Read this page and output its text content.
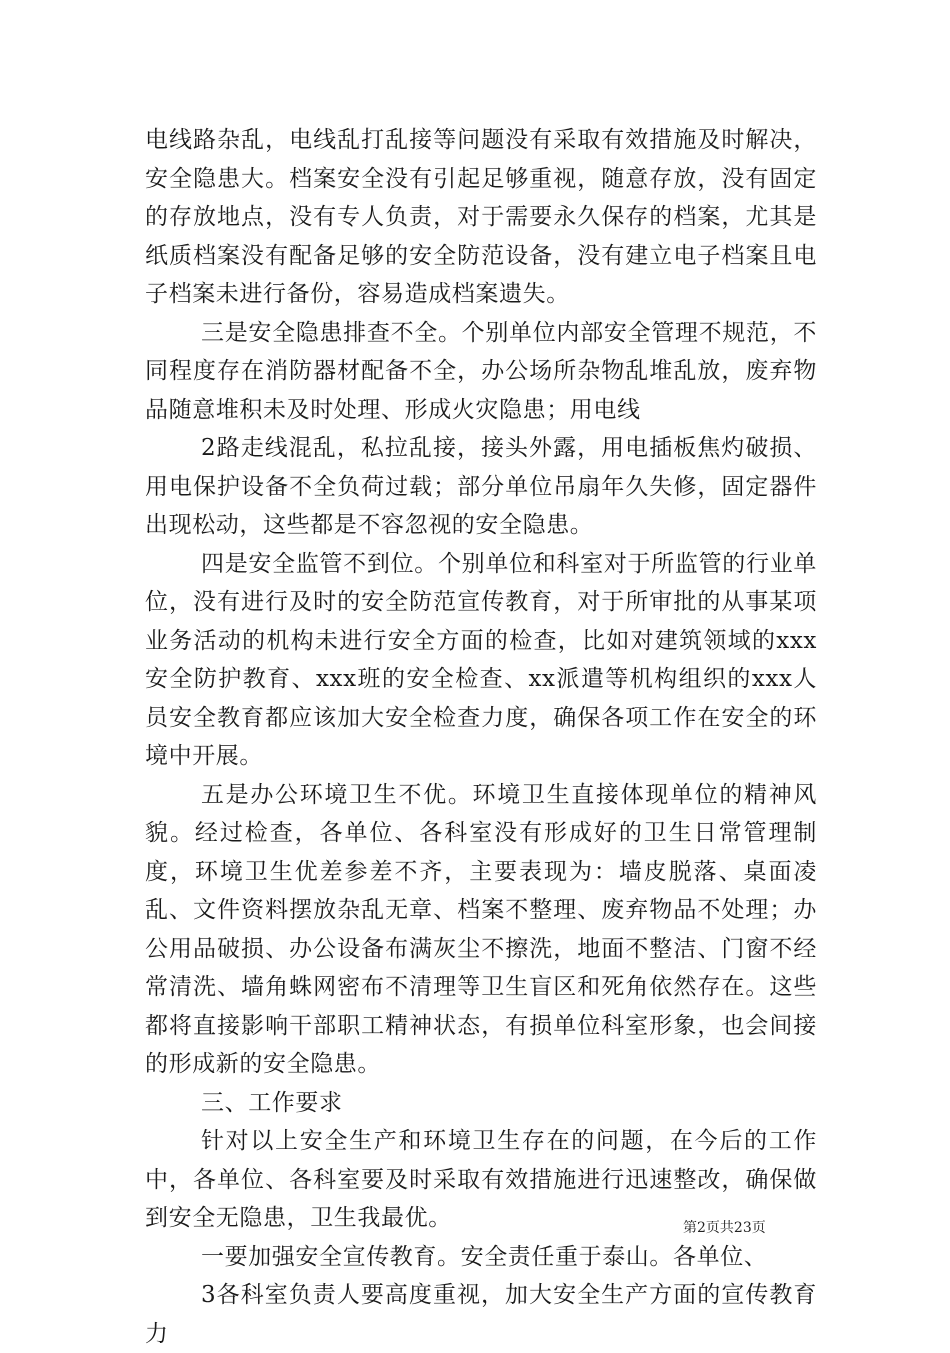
电线路杂乱，电线乱打乱接等问题没有采取有效措施及时解决，安全隐患大。档案安全没有引起足够重视，随意存放，没有固定的存放地点，没有专人负责，对于需要永久保存的档案，尤其是纸质档案没有配备足够的安全防范设备，没有建立电子档案且电子档案未进行备份，容易造成档案遗失。

三是安全隐患排查不全。个别单位内部安全管理不规范，不同程度存在消防器材配备不全，办公场所杂物乱堆乱放，废弃物品随意堆积未及时处理、形成火灾隐患；用电线

2路走线混乱，私拉乱接，接头外露，用电插板焦灼破损、用电保护设备不全负荷过载；部分单位吊扇年久失修，固定器件出现松动，这些都是不容忽视的安全隐患。

四是安全监管不到位。个别单位和科室对于所监管的行业单位，没有进行及时的安全防范宣传教育，对于所审批的从事某项业务活动的机构未进行安全方面的检查，比如对建筑领域的xxx安全防护教育、xxx班的安全检查、xx派遣等机构组织的xxx人员安全教育都应该加大安全检查力度，确保各项工作在安全的环境中开展。

五是办公环境卫生不优。环境卫生直接体现单位的精神风貌。经过检查，各单位、各科室没有形成好的卫生日常管理制度，环境卫生优差参差不齐，主要表现为：墙皮脱落、桌面凌乱、文件资料摆放杂乱无章、档案不整理、废弃物品不处理；办公用品破损、办公设备布满灰尘不擦洗，地面不整洁、门窗不经常清洗、墙角蛛网密布不清理等卫生盲区和死角依然存在。这些都将直接影响干部职工精神状态，有损单位科室形象，也会间接的形成新的安全隐患。

三、工作要求

针对以上安全生产和环境卫生存在的问题，在今后的工作中，各单位、各科室要及时采取有效措施进行迅速整改，确保做到安全无隐患，卫生我最优。

一要加强安全宣传教育。安全责任重于泰山。各单位、

3各科室负责人要高度重视，加大安全生产方面的宣传教育力

第2页共23页
